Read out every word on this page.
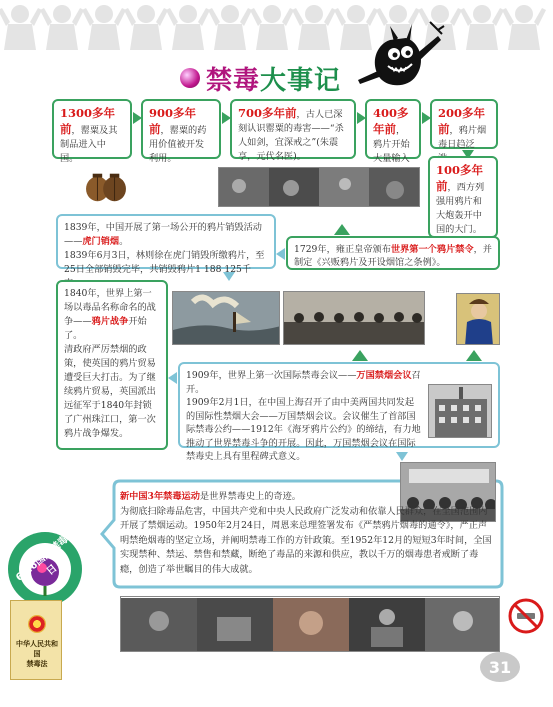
禁毒大事记
1300多年前，罂粟及其制品进入中国。
900多年前，罂粟的药用价值被开发利用。
700多年前，古人已深刻认识罂粟的毒害——“杀人如剑，宜深戒之”(朱震亨，元代名医)。
400多年前，鸦片开始大量输入
200多年前，鸦片烟毒日趋泛
100多年前，西方列强用鸦片和大炮轰开中国的大门。
1839年，中国开展了第一场公开的鸦片销毁活动——虎门销烟。
1839年6月3日，林则徐在虎门销毁所缴鸦片，至25日全部销毁完毕，共销毁鸦片1 188 125千
1729年，雍正皇帝颁布世界第一个鸦片禁令，并制定《兴贩鸦片及开设烟馆之条例》。
1840年，世界上第一场以毒品名称命名的战争——鸦片战争开始了。
清政府严厉禁烟的政策，使英国的鸦片贸易遭受巨大打击。为了继续鸦片贸易，英国派出远征军于1840年封锁了广州珠江口，第一次鸦片战争爆发。
1909年，世界上第一次国际禁毒会议——万国禁烟会议召开。
1909年2月1日，在中国上海召开了由中美两国共同发起的国际性禁烟大会——万国禁烟会议。会议催生了首部国际禁毒公约——1912年《海牙鸦片公约》的缔结，有力地推动了世界禁毒斗争的开展。因此，万国禁烟会议在国际禁毒史上具有里程碑式意义。
新中国3年禁毒运动是世界禁毒史上的奇迹。
为彻底扫除毒品危害，中国共产党和中央人民政府广泛发动和依靠人民群众，在全国范围内开展了禁烟运动。1950年2月24日，周恩来总理签署发布《严禁鸦片烟毒的通令》，严正声明禁绝烟毒的坚定立场，并阐明禁毒工作的方针政策。至1952年12月的短短3年时间，全国实现禁种、禁运、禁售和禁藏，断绝了毒品的来源和供应，教以千万的烟毒患者戒断了毒瘾，创造了举世瞩目的伟大成就。
6.26国际禁毒日
中华人民共和国
禁毒法	31
